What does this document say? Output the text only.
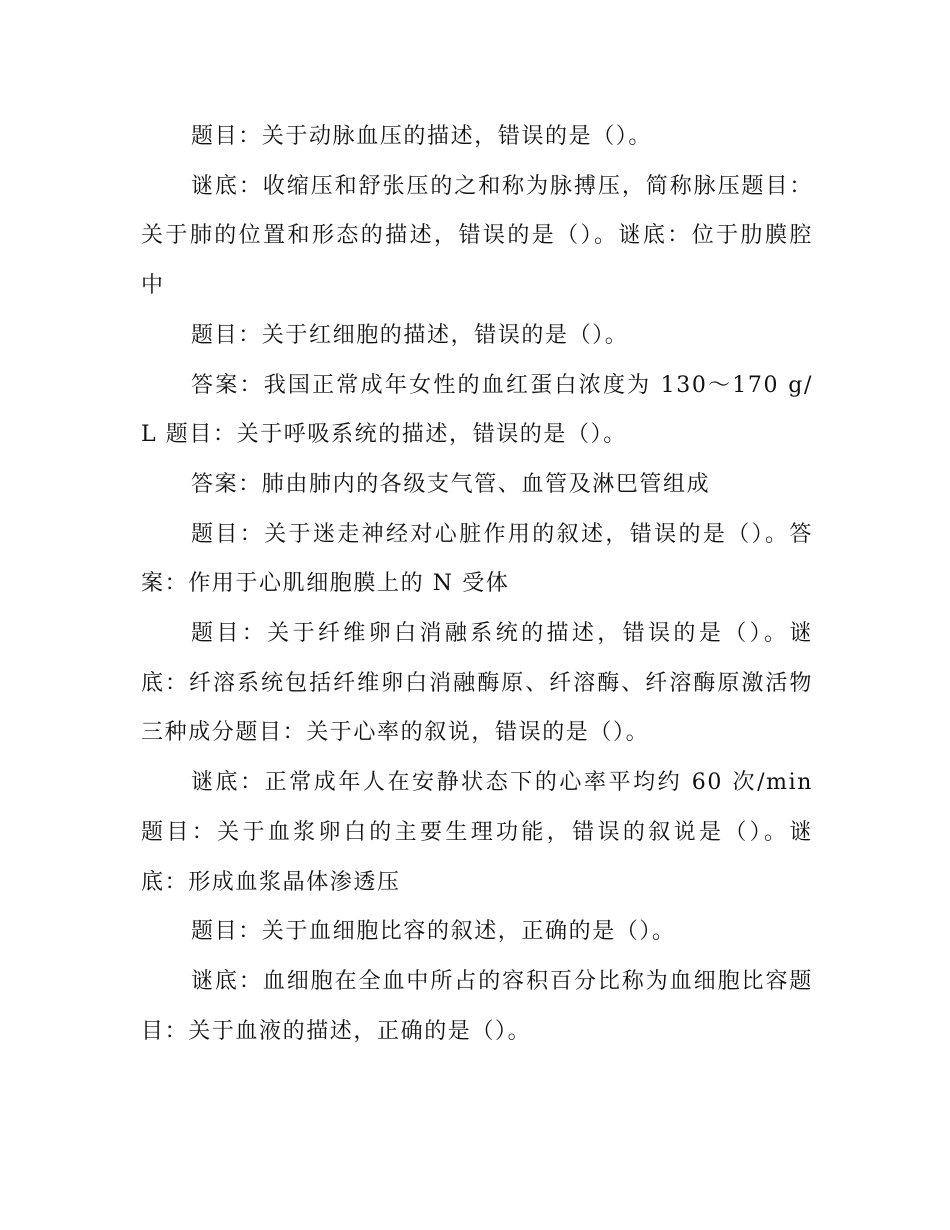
题目：关于动脉血压的描述，错误的是（）。

谜底：收缩压和舒张压的之和称为脉搏压，简称脉压题目：关于肺的位置和形态的描述，错误的是（）。谜底：位于肋膜腔中

题目：关于红细胞的描述，错误的是（）。

答案：我国正常成年女性的血红蛋白浓度为 130～170 g/L 题目：关于呼吸系统的描述，错误的是（）。

答案：肺由肺内的各级支气管、血管及淋巴管组成

题目：关于迷走神经对心脏作用的叙述，错误的是（）。答案：作用于心肌细胞膜上的 N 受体

题目：关于纤维卵白消融系统的描述，错误的是（）。谜底：纤溶系统包括纤维卵白消融酶原、纤溶酶、纤溶酶原激活物三种成分题目：关于心率的叙说，错误的是（）。

谜底：正常成年人在安静状态下的心率平均约 60 次/min 题目：关于血浆卵白的主要生理功能，错误的叙说是（）。谜底：形成血浆晶体渗透压

题目：关于血细胞比容的叙述，正确的是（）。

谜底：血细胞在全血中所占的容积百分比称为血细胞比容题目：关于血液的描述，正确的是（）。
